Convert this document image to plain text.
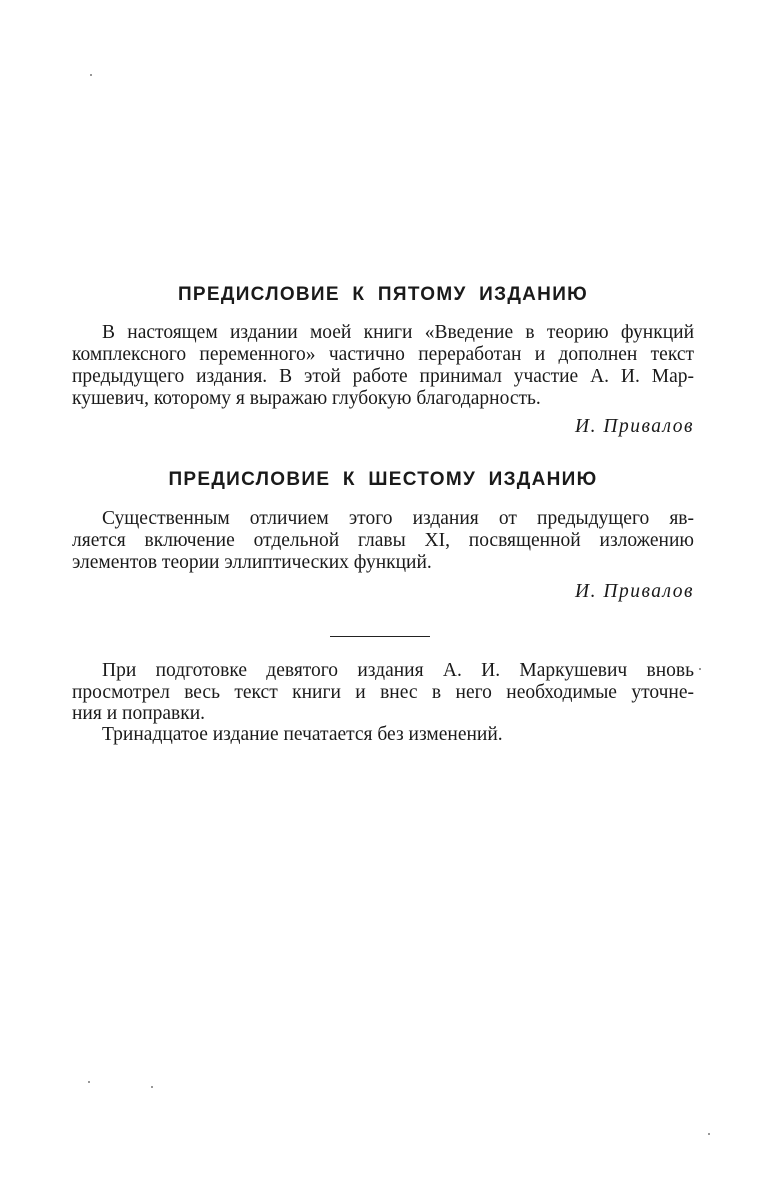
ПРЕДИСЛОВИЕ К ПЯТОМУ ИЗДАНИЮ

В настоящем издании моей книги «Введение в теорию функций

комплексного переменного» частично переработан и дополнен текст

предыдущего издания. В этой работе принимал участие А. И. Мар-

кушевич, которому я выражаю глубокую благодарность.

И. Привалов

ПРЕДИСЛОВИЕ К ШЕСТОМУ ИЗДАНИЮ

Существенным отличием этого издания от предыдущего яв-

ляется включение отдельной главы XI, посвященной изложению

элементов теории эллиптических функций.

И. Привалов

При подготовке девятого издания А. И. Маркушевич вновь

просмотрел весь текст книги и внес в него необходимые уточне-

ния и поправки.

Тринадцатое издание печатается без изменений.
